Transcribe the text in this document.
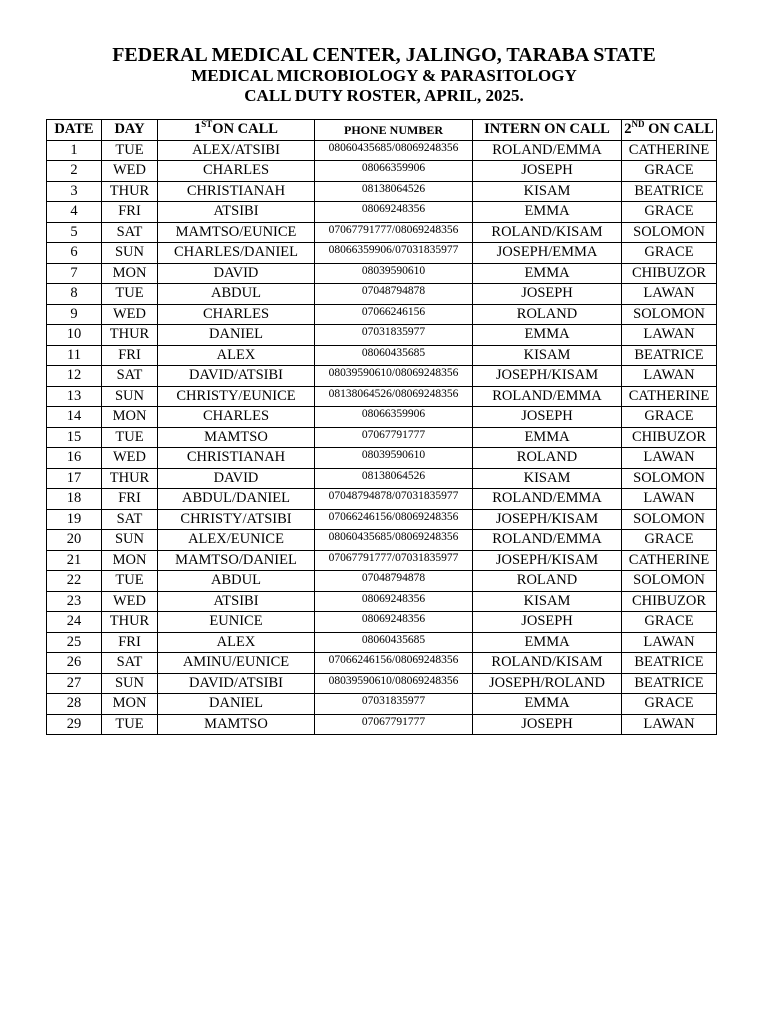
FEDERAL MEDICAL CENTER, JALINGO, TARABA STATE
MEDICAL MICROBIOLOGY & PARASITOLOGY
CALL DUTY ROSTER, APRIL, 2025.
DATE	DAY	1STON CALL	PHONE NUMBER	INTERN ON CALL	2ND ON CALL
1	TUE	ALEX/ATSIBI	08060435685/08069248356	ROLAND/EMMA	CATHERINE
2	WED	CHARLES	08066359906	JOSEPH	GRACE
3	THUR	CHRISTIANAH	08138064526	KISAM	BEATRICE
4	FRI	ATSIBI	08069248356	EMMA	GRACE
5	SAT	MAMTSO/EUNICE	07067791777/08069248356	ROLAND/KISAM	SOLOMON
6	SUN	CHARLES/DANIEL	08066359906/07031835977	JOSEPH/EMMA	GRACE
7	MON	DAVID	08039590610	EMMA	CHIBUZOR
8	TUE	ABDUL	07048794878	JOSEPH	LAWAN
9	WED	CHARLES	07066246156	ROLAND	SOLOMON
10	THUR	DANIEL	07031835977	EMMA	LAWAN
11	FRI	ALEX	08060435685	KISAM	BEATRICE
12	SAT	DAVID/ATSIBI	08039590610/08069248356	JOSEPH/KISAM	LAWAN
13	SUN	CHRISTY/EUNICE	08138064526/08069248356	ROLAND/EMMA	CATHERINE
14	MON	CHARLES	08066359906	JOSEPH	GRACE
15	TUE	MAMTSO	07067791777	EMMA	CHIBUZOR
16	WED	CHRISTIANAH	08039590610	ROLAND	LAWAN
17	THUR	DAVID	08138064526	KISAM	SOLOMON
18	FRI	ABDUL/DANIEL	07048794878/07031835977	ROLAND/EMMA	LAWAN
19	SAT	CHRISTY/ATSIBI	07066246156/08069248356	JOSEPH/KISAM	SOLOMON
20	SUN	ALEX/EUNICE	08060435685/08069248356	ROLAND/EMMA	GRACE
21	MON	MAMTSO/DANIEL	07067791777/07031835977	JOSEPH/KISAM	CATHERINE
22	TUE	ABDUL	07048794878	ROLAND	SOLOMON
23	WED	ATSIBI	08069248356	KISAM	CHIBUZOR
24	THUR	EUNICE	08069248356	JOSEPH	GRACE
25	FRI	ALEX	08060435685	EMMA	LAWAN
26	SAT	AMINU/EUNICE	07066246156/08069248356	ROLAND/KISAM	BEATRICE
27	SUN	DAVID/ATSIBI	08039590610/08069248356	JOSEPH/ROLAND	BEATRICE
28	MON	DANIEL	07031835977	EMMA	GRACE
29	TUE	MAMTSO	07067791777	JOSEPH	LAWAN
